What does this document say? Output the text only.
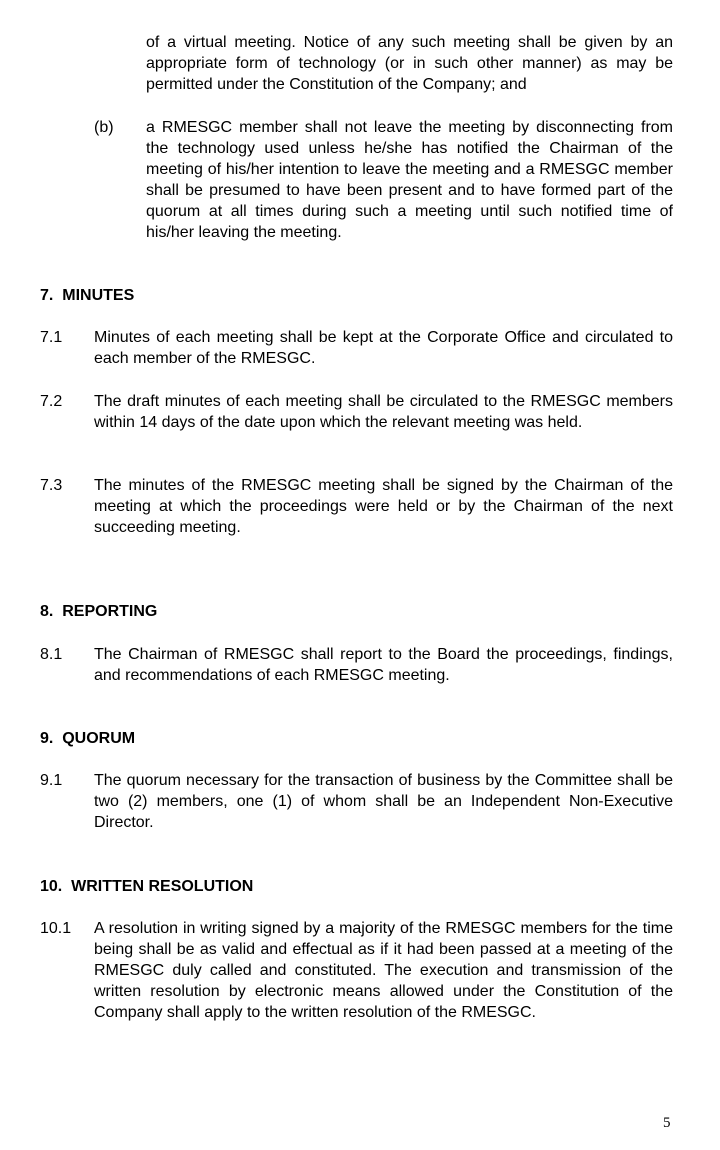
of a virtual meeting. Notice of any such meeting shall be given by an appropriate form of technology (or in such other manner) as may be permitted under the Constitution of the Company; and

(b) a RMESGC member shall not leave the meeting by disconnecting from the technology used unless he/she has notified the Chairman of the meeting of his/her intention to leave the meeting and a RMESGC member shall be presumed to have been present and to have formed part of the quorum at all times during such a meeting until such notified time of his/her leaving the meeting.

7. MINUTES

7.1 Minutes of each meeting shall be kept at the Corporate Office and circulated to each member of the RMESGC.

7.2 The draft minutes of each meeting shall be circulated to the RMESGC members within 14 days of the date upon which the relevant meeting was held.

7.3 The minutes of the RMESGC meeting shall be signed by the Chairman of the meeting at which the proceedings were held or by the Chairman of the next succeeding meeting.

8. REPORTING

8.1 The Chairman of RMESGC shall report to the Board the proceedings, findings, and recommendations of each RMESGC meeting.

9. QUORUM

9.1 The quorum necessary for the transaction of business by the Committee shall be two (2) members, one (1) of whom shall be an Independent Non-Executive Director.

10. WRITTEN RESOLUTION

10.1 A resolution in writing signed by a majority of the RMESGC members for the time being shall be as valid and effectual as if it had been passed at a meeting of the RMESGC duly called and constituted. The execution and transmission of the written resolution by electronic means allowed under the Constitution of the Company shall apply to the written resolution of the RMESGC.

5
